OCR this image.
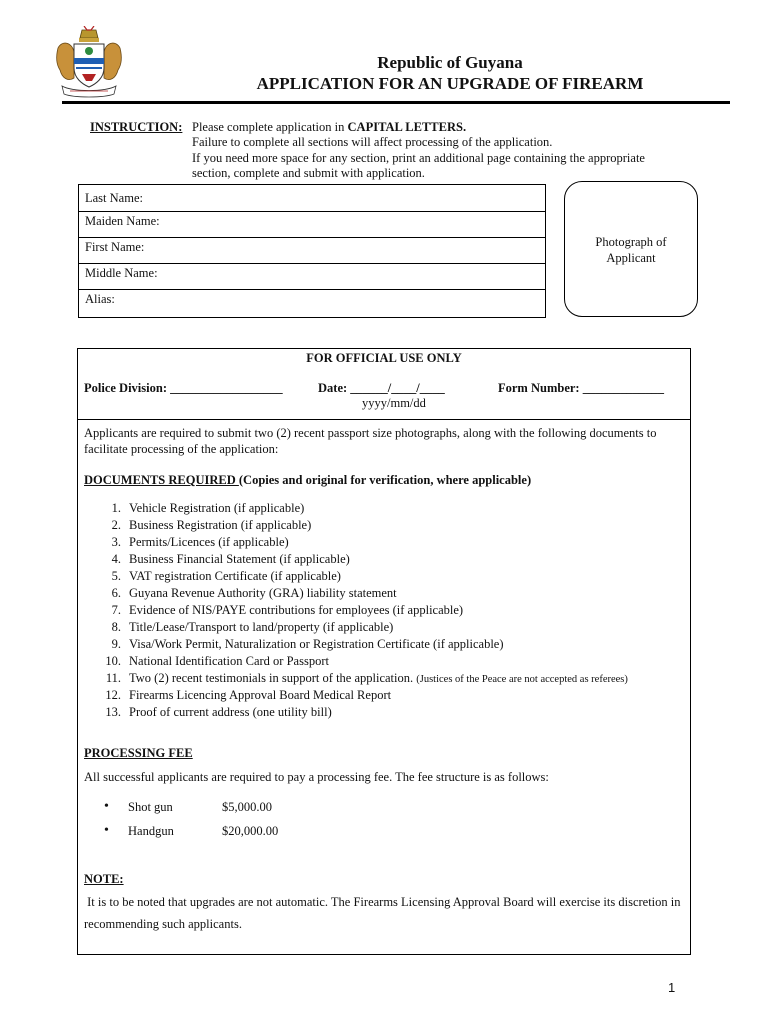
Republic of Guyana
APPLICATION FOR AN UPGRADE OF FIREARM
INSTRUCTION: Please complete application in CAPITAL LETTERS.
Failure to complete all sections will affect processing of the application.
If you need more space for any section, print an additional page containing the appropriate
section, complete and submit with application.
Last Name:
Maiden Name:
First Name:
Middle Name:
Alias:
Photograph of
Applicant
FOR OFFICIAL USE ONLY
Police Division: __________________	Date: ______/____/____
yyyy/mm/dd
Form Number: _____________
Applicants are required to submit two (2) recent passport size photographs, along with the following documents to
facilitate processing of the application:
DOCUMENTS REQUIRED (Copies and original for verification, where applicable)
1. Vehicle Registration (if applicable)
2. Business Registration (if applicable)
3. Permits/Licences (if applicable)
4. Business Financial Statement (if applicable)
5. VAT registration Certificate (if applicable)
6. Guyana Revenue Authority (GRA) liability statement
7. Evidence of NIS/PAYE contributions for employees (if applicable)
8. Title/Lease/Transport to land/property (if applicable)
9. Visa/Work Permit, Naturalization or Registration Certificate (if applicable)
10. National Identification Card or Passport
11. Two (2) recent testimonials in support of the application. (Justices of the Peace are not accepted as referees)
12. Firearms Licencing Approval Board Medical Report
13. Proof of current address (one utility bill)
PROCESSING FEE
All successful applicants are required to pay a processing fee. The fee structure is as follows:
• Shot gun	$5,000.00
• Handgun	$20,000.00
NOTE:
It is to be noted that upgrades are not automatic. The Firearms Licensing Approval Board will exercise its discretion in
recommending such applicants.
1
